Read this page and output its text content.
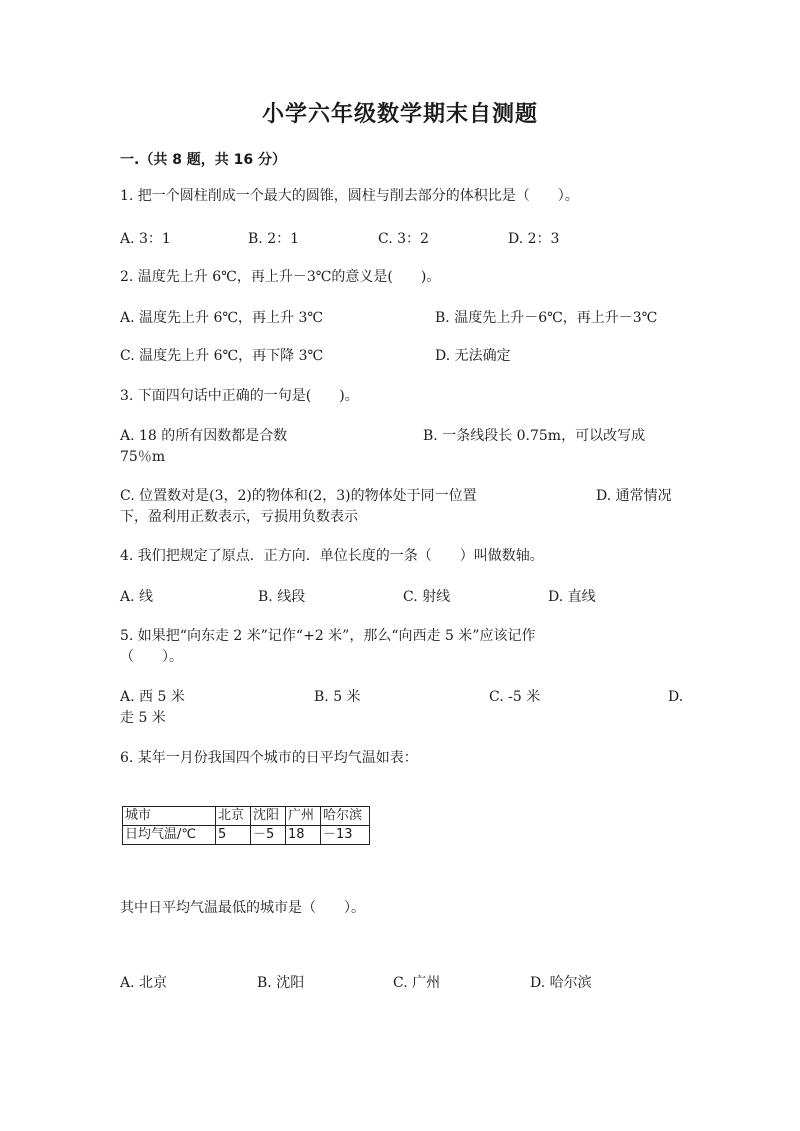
小学六年级数学期末自测题
一.（共 8 题，共 16 分）
1. 把一个圆柱削成一个最大的圆锥，圆柱与削去部分的体积比是（　　）。
A. 3：1	B. 2：1	C. 3：2	D. 2：3
2. 温度先上升 6℃，再上升－3℃的意义是(　　)。
A. 温度先上升 6℃，再上升 3℃	B. 温度先上升－6℃，再上升－3℃
C. 温度先上升 6℃，再下降 3℃	D. 无法确定
3. 下面四句话中正确的一句是(　　)。
A. 18 的所有因数都是合数	B. 一条线段长 0.75m，可以改写成
75％m
C. 位置数对是(3，2)的物体和(2，3)的物体处于同一位置	D. 通常情况
下，盈利用正数表示，亏损用负数表示
4. 我们把规定了原点．正方向．单位长度的一条（　　）叫做数轴。
A. 线	B. 线段	C. 射线	D. 直线
5. 如果把“向东走 2 米”记作“+2 米”，那么“向西走 5 米”应该记作
（　　）。
A. 西 5 米	B. 5 米	C. -5 米	D.
走 5 米
6. 某年一月份我国四个城市的日平均气温如表：
城市	北京	沈阳	广州	哈尔滨
日均气温/℃	5	－5	18	－13
其中日平均气温最低的城市是（　　）。
A. 北京	B. 沈阳	C. 广州	D. 哈尔滨
